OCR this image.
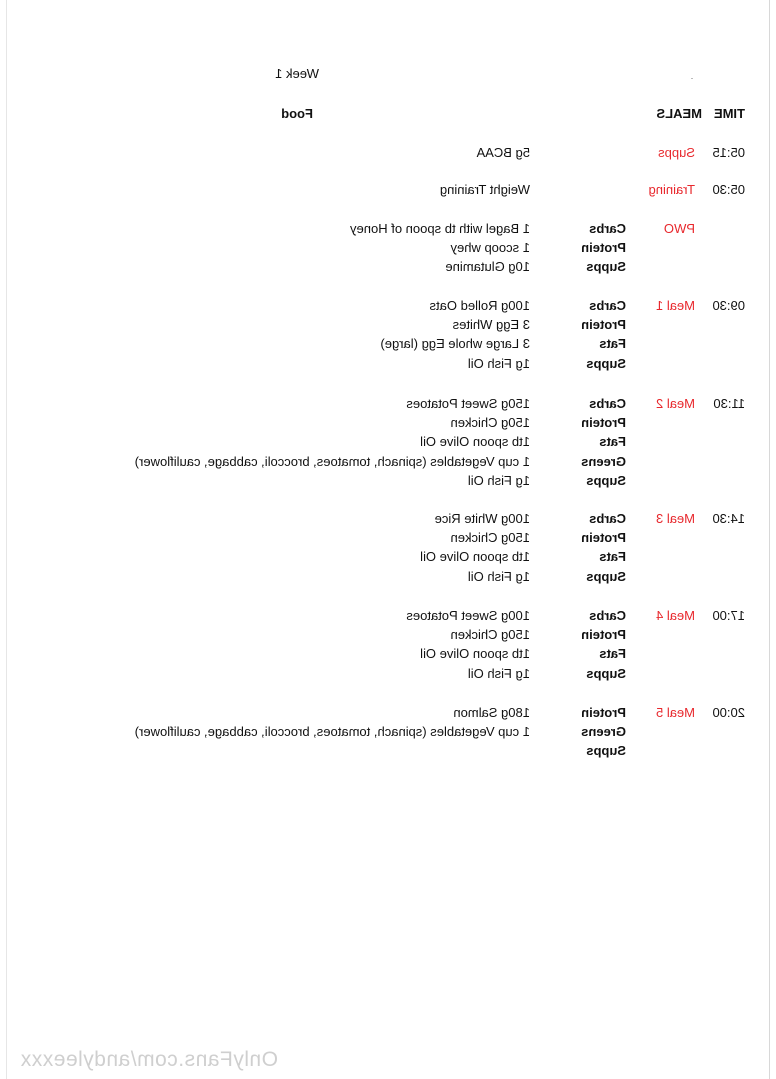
Week 1
TIME
MEALS
Food
05:15
Supps
5g BCAA
05:30
Training
Weight Training
PWO
Carbs
1 Bagel with tb spoon of Honey
Protein
1 scoop whey
Supps
10g Glutamine
09:30
Meal 1
Carbs
100g Rolled Oats
Protein
3 Egg Whites
Fats
3 Large whole Egg (large)
Supps
1g Fish Oil
11:30
Meal 2
Carbs
150g Sweet Potatoes
Protein
150g Chicken
Fats
1tb spoon Olive Oil
Greens
1 cup Vegetables (spinach, tomatoes, broccoli, cabbage, cauliflower)
Supps
1g Fish Oil
14:30
Meal 3
Carbs
100g White Rice
Protein
150g Chicken
Fats
1tb spoon Olive Oil
Supps
1g Fish Oil
17:00
Meal 4
Carbs
100g Sweet Potatoes
Protein
150g Chicken
Fats
1tb spoon Olive Oil
Supps
1g Fish Oil
20:00
Meal 5
Protein
180g Salmon
Greens
1 cup Vegetables (spinach, tomatoes, broccoli, cabbage, cauliflower)
Supps
OnlyFans.com/andyleexxx
